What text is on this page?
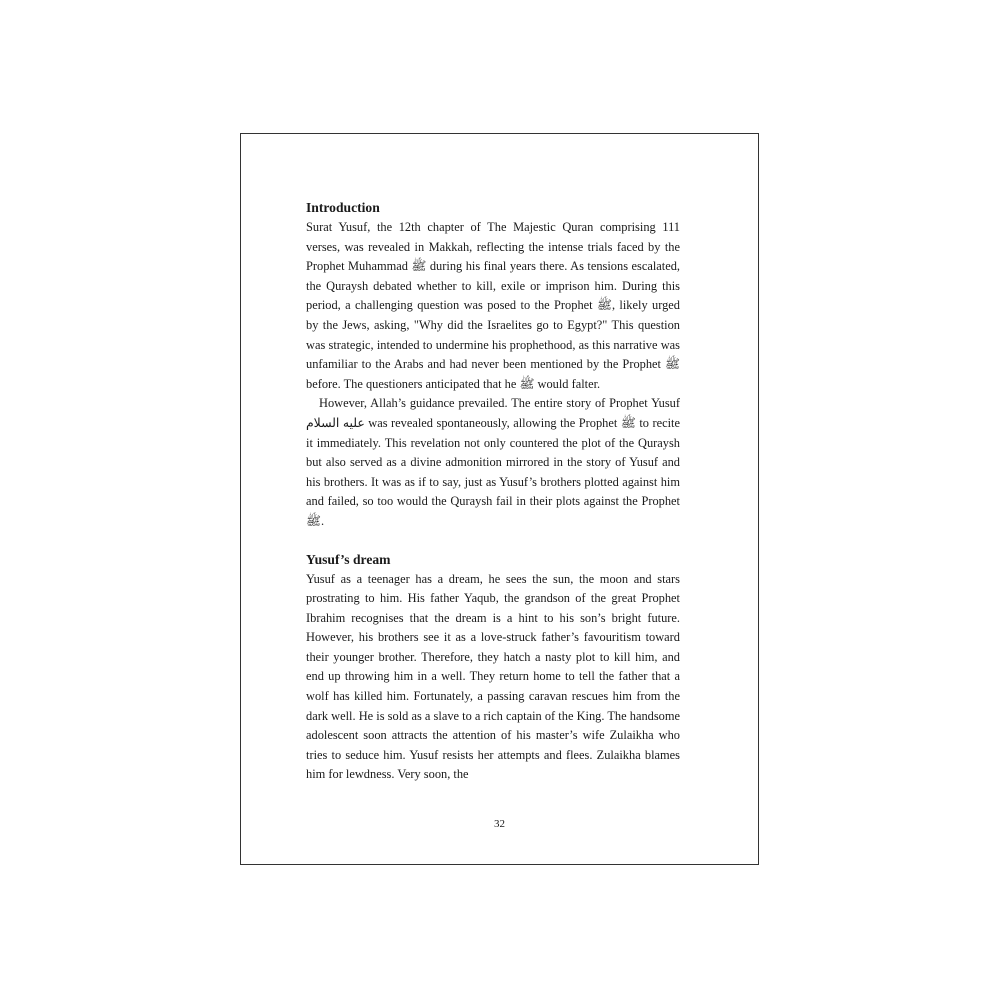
Introduction

Surat Yusuf, the 12th chapter of The Majestic Quran comprising 111 verses, was revealed in Makkah, reflecting the intense trials faced by the Prophet Muhammad ﷺ during his final years there. As tensions escalated, the Quraysh debated whether to kill, exile or imprison him. During this period, a challenging question was posed to the Prophet ﷺ, likely urged by the Jews, asking, "Why did the Israelites go to Egypt?" This question was strategic, intended to undermine his prophethood, as this narrative was unfamiliar to the Arabs and had never been mentioned by the Prophet ﷺ before. The questioners anticipated that he ﷺ would falter.

However, Allah’s guidance prevailed. The entire story of Prophet Yusuf عليه السلام was revealed spontaneously, allowing the Prophet ﷺ to recite it immediately. This revelation not only countered the plot of the Quraysh but also served as a divine admonition mirrored in the story of Yusuf and his brothers. It was as if to say, just as Yusuf’s brothers plotted against him and failed, so too would the Quraysh fail in their plots against the Prophet ﷺ.

Yusuf’s dream

Yusuf as a teenager has a dream, he sees the sun, the moon and stars prostrating to him. His father Yaqub, the grandson of the great Prophet Ibrahim recognises that the dream is a hint to his son’s bright future. However, his brothers see it as a love-struck father’s favouritism toward their younger brother. Therefore, they hatch a nasty plot to kill him, and end up throwing him in a well. They return home to tell the father that a wolf has killed him. Fortunately, a passing caravan rescues him from the dark well. He is sold as a slave to a rich captain of the King. The handsome adolescent soon attracts the attention of his master’s wife Zulaikha who tries to seduce him. Yusuf resists her attempts and flees. Zulaikha blames him for lewdness. Very soon, the

32
